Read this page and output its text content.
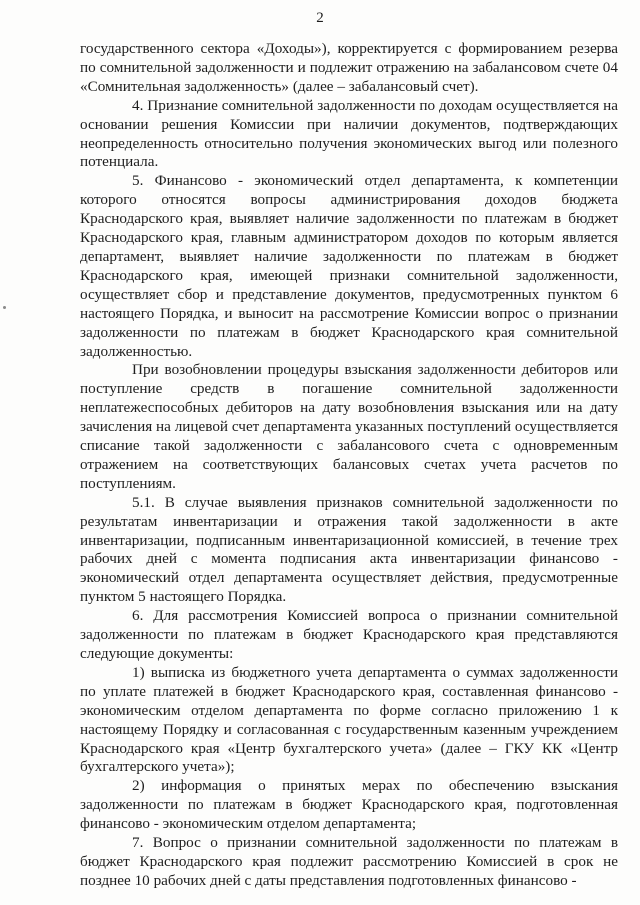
2

государственного сектора «Доходы»), корректируется с формированием резерва по сомнительной задолженности и подлежит отражению на забалансовом счете 04 «Сомнительная задолженность» (далее – забалансовый счет).

4. Признание сомнительной задолженности по доходам осуществляется на основании решения Комиссии при наличии документов, подтверждающих неопределенность относительно получения экономических выгод или полезного потенциала.

5. Финансово - экономический отдел департамента, к компетенции которого относятся вопросы администрирования доходов бюджета Краснодарского края, выявляет наличие задолженности по платежам в бюджет Краснодарского края, главным администратором доходов по которым является департамент, выявляет наличие задолженности по платежам в бюджет Краснодарского края, имеющей признаки сомнительной задолженности, осуществляет сбор и представление документов, предусмотренных пунктом 6 настоящего Порядка, и выносит на рассмотрение Комиссии вопрос о признании задолженности по платежам в бюджет Краснодарского края сомнительной задолженностью.

При возобновлении процедуры взыскания задолженности дебиторов или поступление средств в погашение сомнительной задолженности неплатежеспособных дебиторов на дату возобновления взыскания или на дату зачисления на лицевой счет департамента указанных поступлений осуществляется списание такой задолженности с забалансового счета с одновременным отражением на соответствующих балансовых счетах учета расчетов по поступлениям.

5.1. В случае выявления признаков сомнительной задолженности по результатам инвентаризации и отражения такой задолженности в акте инвентаризации, подписанным инвентаризационной комиссией, в течение трех рабочих дней с момента подписания акта инвентаризации финансово - экономический отдел департамента осуществляет действия, предусмотренные пунктом 5 настоящего Порядка.

6. Для рассмотрения Комиссией вопроса о признании сомнительной задолженности по платежам в бюджет Краснодарского края представляются следующие документы:

1) выписка из бюджетного учета департамента о суммах задолженности по уплате платежей в бюджет Краснодарского края, составленная финансово - экономическим отделом департамента по форме согласно приложению 1 к настоящему Порядку и согласованная с государственным казенным учреждением Краснодарского края «Центр бухгалтерского учета» (далее – ГКУ КК «Центр бухгалтерского учета»);

2) информация о принятых мерах по обеспечению взыскания задолженности по платежам в бюджет Краснодарского края, подготовленная финансово - экономическим отделом департамента;

7. Вопрос о признании сомнительной задолженности по платежам в бюджет Краснодарского края подлежит рассмотрению Комиссией в срок не позднее 10 рабочих дней с даты представления подготовленных финансово -
